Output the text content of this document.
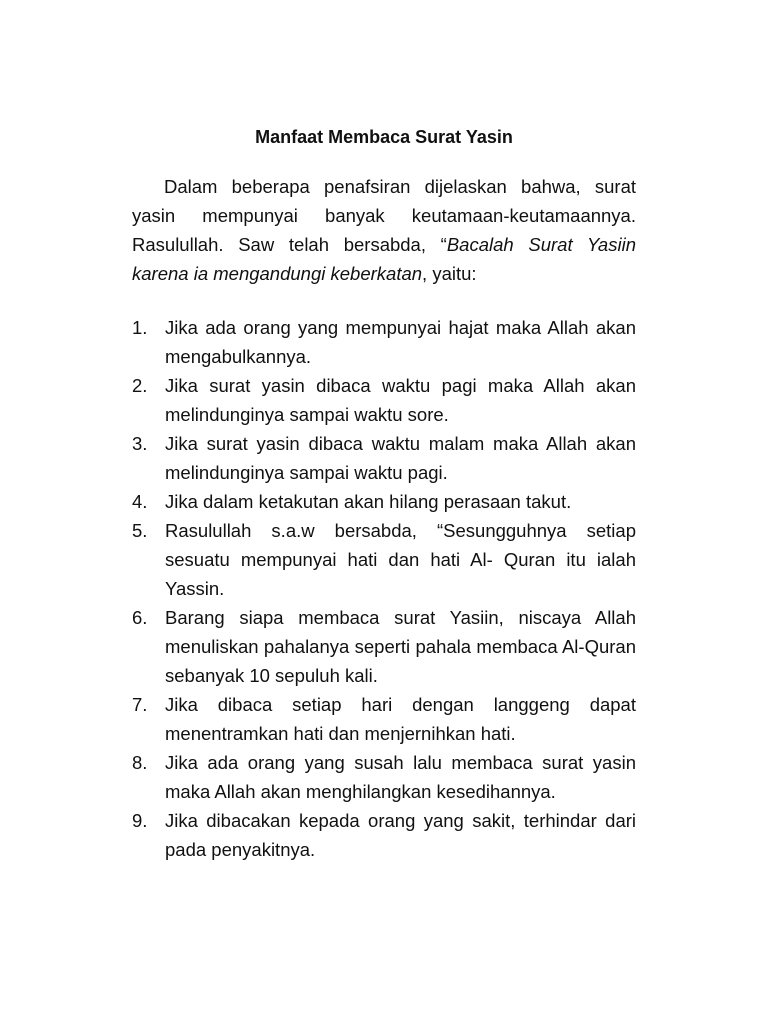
Manfaat Membaca Surat Yasin

Dalam beberapa penafsiran dijelaskan bahwa, surat yasin mempunyai banyak keutamaan-keutamaannya. Rasulullah. Saw telah bersabda, “Bacalah Surat Yasiin karena ia mengandungi keberkatan, yaitu:

1. Jika ada orang yang mempunyai hajat maka Allah akan mengabulkannya.
2. Jika surat yasin dibaca waktu pagi maka Allah akan melindunginya sampai waktu sore.
3. Jika surat yasin dibaca waktu malam maka Allah akan melindunginya sampai waktu pagi.
4. Jika dalam ketakutan akan hilang perasaan takut.
5. Rasulullah s.a.w bersabda, “Sesungguhnya setiap sesuatu mempunyai hati dan hati Al- Quran itu ialah Yassin.
6. Barang siapa membaca surat Yasiin, niscaya Allah menuliskan pahalanya seperti pahala membaca Al-Quran sebanyak 10 sepuluh kali.
7. Jika dibaca setiap hari dengan langgeng dapat menentramkan hati dan menjernihkan hati.
8. Jika ada orang yang susah lalu membaca surat yasin maka Allah akan menghilangkan kesedihannya.
9. Jika dibacakan kepada orang yang sakit, terhindar dari pada penyakitnya.
